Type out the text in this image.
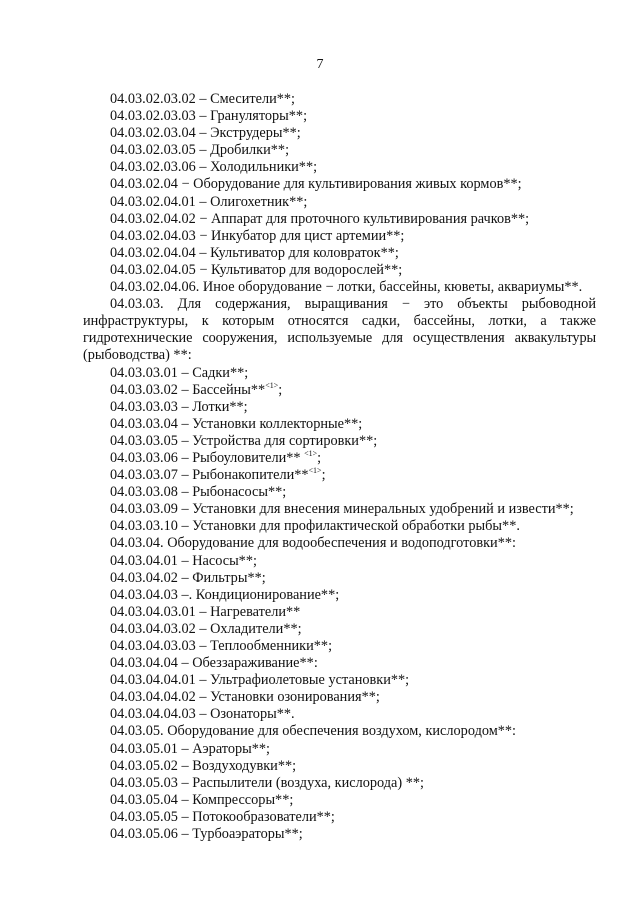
7
04.03.02.03.02 – Смесители**;
04.03.02.03.03 – Грануляторы**;
04.03.02.03.04 – Экструдеры**;
04.03.02.03.05 – Дробилки**;
04.03.02.03.06 – Холодильники**;
04.03.02.04 − Оборудование для культивирования живых кормов**;
04.03.02.04.01 – Олигохетник**;
04.03.02.04.02 − Аппарат для проточного культивирования рачков**;
04.03.02.04.03 − Инкубатор для цист артемии**;
04.03.02.04.04 – Культиватор для коловраток**;
04.03.02.04.05 − Культиватор для водорослей**;
04.03.02.04.06. Иное оборудование − лотки, бассейны, кюветы, аквариумы**.
04.03.03. Для содержания, выращивания − это объекты рыбоводной
инфраструктуры, к которым относятся садки, бассейны, лотки, а также
гидротехнические сооружения, используемые для осуществления аквакультуры
(рыбоводства) **:
04.03.03.01 – Садки**;
04.03.03.02 – Бассейны**$^{<1>}$;
04.03.03.03 – Лотки**;
04.03.03.04 – Установки коллекторные**;
04.03.03.05 – Устройства для сортировки**;
04.03.03.06 – Рыбоуловители** $^{<1>}$;
04.03.03.07 – Рыбонакопители**$^{<1>}$;
04.03.03.08 – Рыбонасосы**;
04.03.03.09 – Установки для внесения минеральных удобрений и извести**;
04.03.03.10 – Установки для профилактической обработки рыбы**.
04.03.04. Оборудование для водообеспечения и водоподготовки**:
04.03.04.01 – Насосы**;
04.03.04.02 – Фильтры**;
04.03.04.03 –. Кондиционирование**;
04.03.04.03.01 – Нагреватели**
04.03.04.03.02 – Охладители**;
04.03.04.03.03 – Теплообменники**;
04.03.04.04 – Обеззараживание**:
04.03.04.04.01 – Ультрафиолетовые установки**;
04.03.04.04.02 – Установки озонирования**;
04.03.04.04.03 – Озонаторы**.
04.03.05. Оборудование для обеспечения воздухом, кислородом**:
04.03.05.01 – Аэраторы**;
04.03.05.02 – Воздуходувки**;
04.03.05.03 – Распылители (воздуха, кислорода) **;
04.03.05.04 – Компрессоры**;
04.03.05.05 – Потокообразователи**;
04.03.05.06 – Турбоаэраторы**;
